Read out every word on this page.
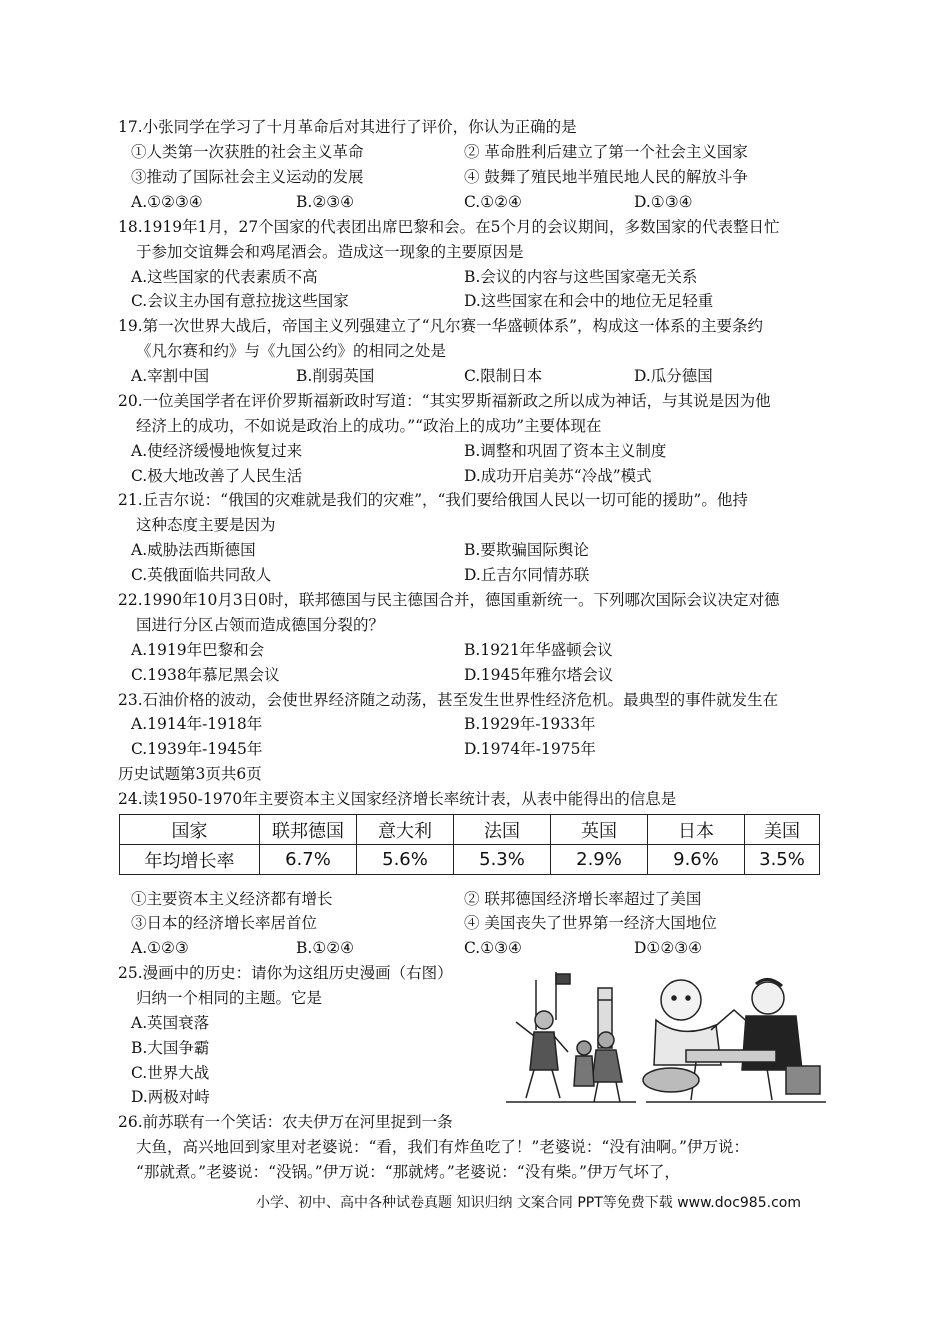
17.小张同学在学习了十月革命后对其进行了评价，你认为正确的是
①人类第一次获胜的社会主义革命	② 革命胜利后建立了第一个社会主义国家
③推动了国际社会主义运动的发展	④ 鼓舞了殖民地半殖民地人民的解放斗争
A.①②③④	B.②③④	C.①②④	D.①③④
18.1919年1月，27个国家的代表团出席巴黎和会。在5个月的会议期间，多数国家的代表整日忙
于参加交谊舞会和鸡尾酒会。造成这一现象的主要原因是
A.这些国家的代表素质不高	B.会议的内容与这些国家毫无关系
C.会议主办国有意拉拢这些国家	D.这些国家在和会中的地位无足轻重
19.第一次世界大战后，帝国主义列强建立了“凡尔赛一华盛顿体系”，构成这一体系的主要条约
《凡尔赛和约》与《九国公约》的相同之处是
A.宰割中国	B.削弱英国	C.限制日本	D.瓜分德国
20.一位美国学者在评价罗斯福新政时写道：“其实罗斯福新政之所以成为神话，与其说是因为他
经济上的成功，不如说是政治上的成功。”“政治上的成功”主要体现在
A.使经济缓慢地恢复过来	B.调整和巩固了资本主义制度
C.极大地改善了人民生活	D.成功开启美苏“冷战”模式
21.丘吉尔说：“俄国的灾难就是我们的灾难”，“我们要给俄国人民以一切可能的援助”。他持
这种态度主要是因为
A.威胁法西斯德国	B.要欺骗国际舆论
C.英俄面临共同敌人	D.丘吉尔同情苏联
22.1990年10月3日0时，联邦德国与民主德国合并，德国重新统一。下列哪次国际会议决定对德
国进行分区占领而造成德国分裂的？
A.1919年巴黎和会	B.1921年华盛顿会议
C.1938年慕尼黑会议	D.1945年雅尔塔会议
23.石油价格的波动，会使世界经济随之动荡，甚至发生世界性经济危机。最典型的事件就发生在
A.1914年-1918年	B.1929年-1933年
C.1939年-1945年	D.1974年-1975年
历史试题第3页共6页
24.读1950-1970年主要资本主义国家经济增长率统计表，从表中能得出的信息是
国家	联邦德国	意大利	法国	英国	日本	美国
年均增长率	6.7%	5.6%	5.3%	2.9%	9.6%	3.5%
①主要资本主义经济都有增长	② 联邦德国经济增长率超过了美国
③日本的经济增长率居首位	④ 美国丧失了世界第一经济大国地位
A.①②③	B.①②④	C.①③④	D①②③④
25.漫画中的历史：请你为这组历史漫画（右图）
归纳一个相同的主题。它是
A.英国衰落
B.大国争霸
C.世界大战
D.两极对峙
26.前苏联有一个笑话：农夫伊万在河里捉到一条
大鱼，高兴地回到家里对老婆说：“看，我们有炸鱼吃了！”老婆说：“没有油啊。”伊万说：
“那就煮。”老婆说：“没锅。”伊万说：“那就烤。”老婆说：“没有柴。”伊万气坏了，
小学、初中、高中各种试卷真题 知识归纳 文案合同 PPT等免费下载 www.doc985.com
